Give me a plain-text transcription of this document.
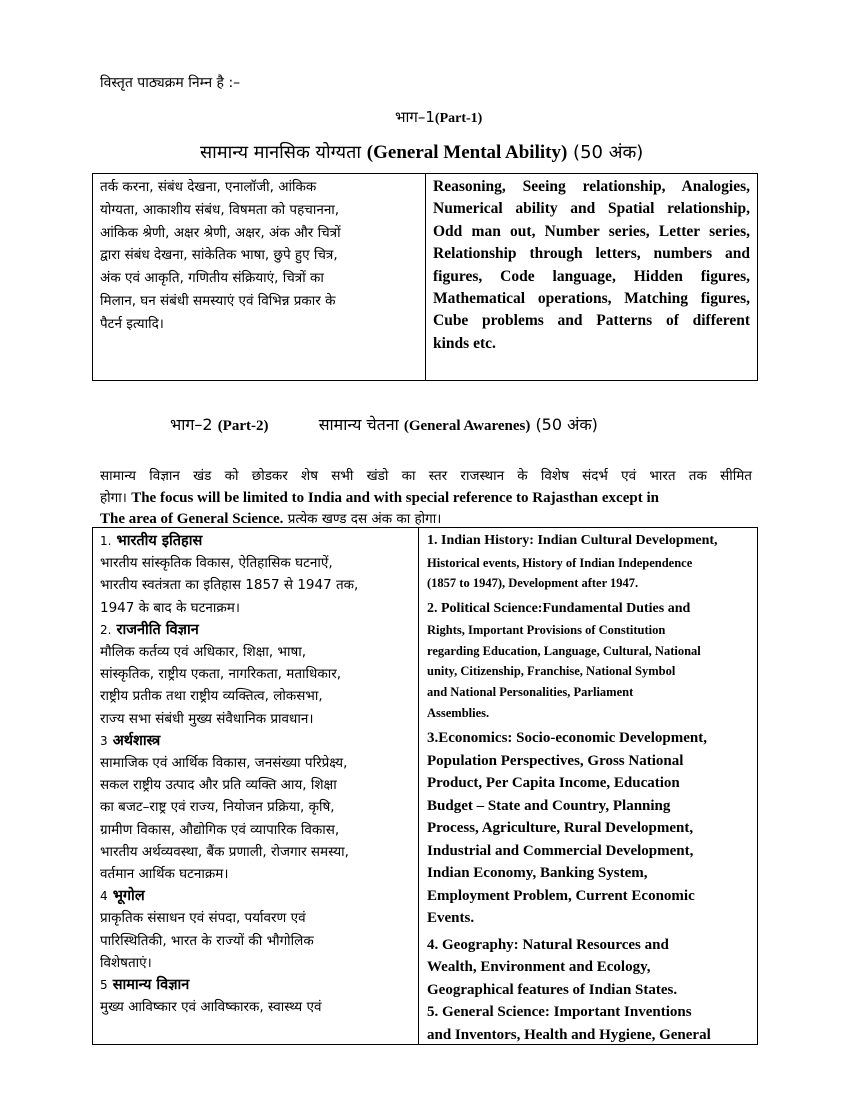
विस्तृत पाठ्यक्रम निम्न है :–
भाग–1(Part-1)
सामान्य मानसिक योग्यता (General Mental Ability) (50 अंक)
तर्क करना, संबंध देखना, एनालॉजी, आंकिक
योग्यता, आकाशीय संबंध, विषमता को पहचानना,
आंकिक श्रेणी, अक्षर श्रेणी, अक्षर, अंक और चित्रों
द्वारा संबंध देखना, सांकेतिक भाषा, छुपे हुए चित्र,
अंक एवं आकृति, गणितीय संक्रियाएं, चित्रों का
मिलान, घन संबंधी समस्याएं एवं विभिन्न प्रकार के
पैटर्न इत्यादि।
Reasoning, Seeing relationship, Analogies,
Numerical ability and Spatial relationship,
Odd man out, Number series, Letter series,
Relationship through letters, numbers and
figures, Code language, Hidden figures,
Mathematical operations, Matching figures,
Cube problems and Patterns of different
kinds etc.
भाग–2 (Part-2)	सामान्य चेतना (General Awarenes) (50 अंक)
सामान्य विज्ञान खंड को छोडकर शेष सभी खंडो का स्तर राजस्थान के विशेष संदर्भ एवं भारत तक सीमित
होगा। The focus will be limited to India and with special reference to Rajasthan except in
The area of General Science. प्रत्येक खण्ड दस अंक का होगा।
1. भारतीय इतिहास
भारतीय सांस्कृतिक विकास, ऐतिहासिक घटनाऐं,
भारतीय स्वतंत्रता का इतिहास 1857 से 1947 तक,
1947 के बाद के घटनाक्रम।
2. राजनीति विज्ञान
मौलिक कर्तव्य एवं अधिकार, शिक्षा, भाषा,
सांस्कृतिक, राष्ट्रीय एकता, नागरिकता, मताधिकार,
राष्ट्रीय प्रतीक तथा राष्ट्रीय व्यक्तित्व, लोकसभा,
राज्य सभा संबंधी मुख्य संवैधानिक प्रावधान।
3 अर्थशास्त्र
सामाजिक एवं आर्थिक विकास, जनसंख्या परिप्रेक्ष्य,
सकल राष्ट्रीय उत्पाद और प्रति व्यक्ति आय, शिक्षा
का बजट–राष्ट्र एवं राज्य, नियोजन प्रक्रिया, कृषि,
ग्रामीण विकास, औद्योगिक एवं व्यापारिक विकास,
भारतीय अर्थव्यवस्था, बैंक प्रणाली, रोजगार समस्या,
वर्तमान आर्थिक घटनाक्रम।
4 भूगोल
प्राकृतिक संसाधन एवं संपदा, पर्यावरण एवं
पारिस्थितिकी, भारत के राज्यों की भौगोलिक
विशेषताएं।
5 सामान्य विज्ञान
मुख्य आविष्कार एवं आविष्कारक, स्वास्थ्य एवं
1. Indian History: Indian Cultural Development,
Historical events, History of Indian Independence
(1857 to 1947), Development after 1947.
2. Political Science:Fundamental Duties and
Rights, Important Provisions of Constitution
regarding Education, Language, Cultural, National
unity, Citizenship, Franchise, National Symbol
and National Personalities, Parliament
Assemblies.
3.Economics: Socio-economic Development,
Population Perspectives, Gross National
Product, Per Capita Income, Education
Budget – State and Country, Planning
Process, Agriculture, Rural Development,
Industrial and Commercial Development,
Indian Economy, Banking System,
Employment Problem, Current Economic
Events.
4. Geography: Natural Resources and
Wealth, Environment and Ecology,
Geographical features of Indian States.
5. General Science: Important Inventions
and Inventors, Health and Hygiene, General
